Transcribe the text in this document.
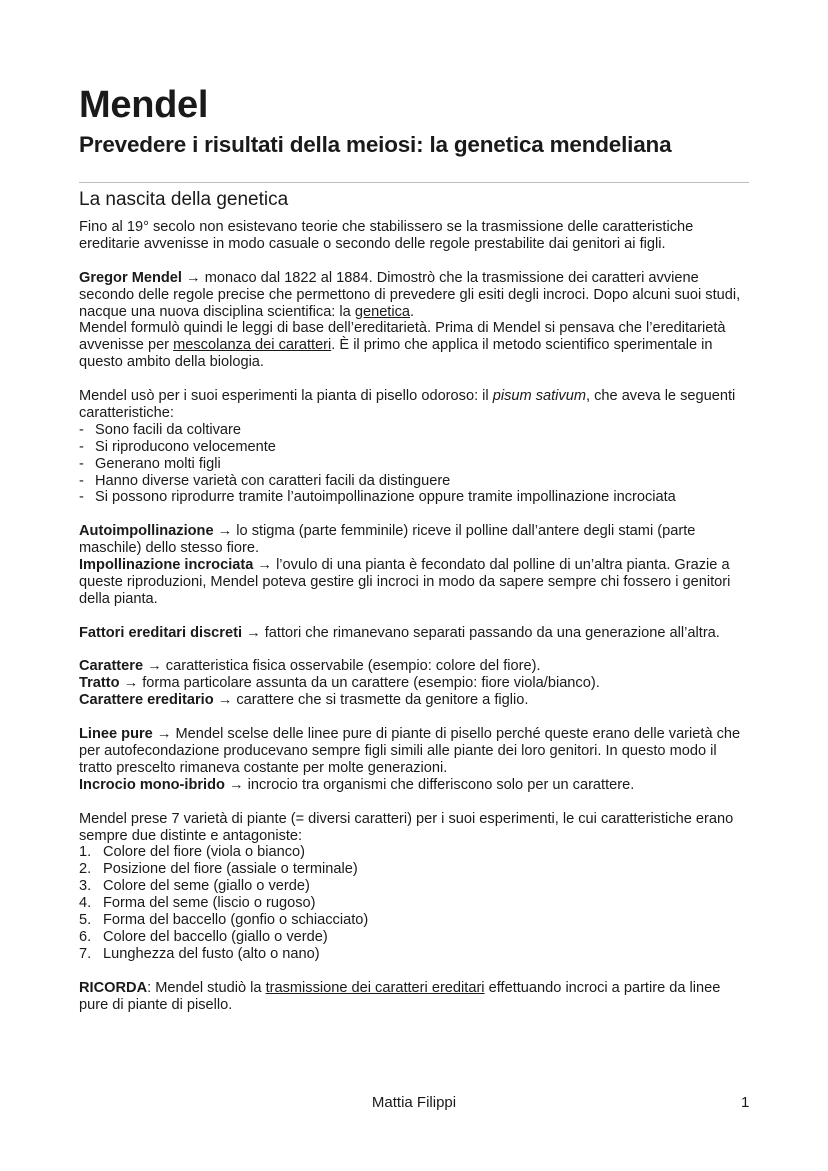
Mendel
Prevedere i risultati della meiosi: la genetica mendeliana
La nascita della genetica

Fino al 19° secolo non esistevano teorie che stabilissero se la trasmissione delle caratteristiche ereditarie avvenisse in modo casuale o secondo delle regole prestabilite dai genitori ai figli.

Gregor Mendel → monaco dal 1822 al 1884. Dimostrò che la trasmissione dei caratteri avviene secondo delle regole precise che permettono di prevedere gli esiti degli incroci. Dopo alcuni suoi studi, nacque una nuova disciplina scientifica: la genetica.

Mendel formulò quindi le leggi di base dell’ereditarietà. Prima di Mendel si pensava che l’ereditarietà avvenisse per mescolanza dei caratteri. È il primo che applica il metodo scientifico sperimentale in questo ambito della biologia.

Mendel usò per i suoi esperimenti la pianta di pisello odoroso: il pisum sativum, che aveva le seguenti caratteristiche:

- Sono facili da coltivare
- Si riproducono velocemente
- Generano molti figli
- Hanno diverse varietà con caratteri facili da distinguere
- Si possono riprodurre tramite l’autoimpollinazione oppure tramite impollinazione incrociata

Autoimpollinazione → lo stigma (parte femminile) riceve il polline dall’antere degli stami (parte maschile) dello stesso fiore.

Impollinazione incrociata → l’ovulo di una pianta è fecondato dal polline di un’altra pianta. Grazie a queste riproduzioni, Mendel poteva gestire gli incroci in modo da sapere sempre chi fossero i genitori della pianta.

Fattori ereditari discreti → fattori che rimanevano separati passando da una generazione all’altra.

Carattere → caratteristica fisica osservabile (esempio: colore del fiore).

Tratto → forma particolare assunta da un carattere (esempio: fiore viola/bianco).

Carattere ereditario → carattere che si trasmette da genitore a figlio.

Linee pure → Mendel scelse delle linee pure di piante di pisello perché queste erano delle varietà che per autofecondazione producevano sempre figli simili alle piante dei loro genitori. In questo modo il tratto prescelto rimaneva costante per molte generazioni.

Incrocio mono-ibrido → incrocio tra organismi che differiscono solo per un carattere.

Mendel prese 7 varietà di piante (= diversi caratteri) per i suoi esperimenti, le cui caratteristiche erano sempre due distinte e antagoniste:

1. Colore del fiore (viola o bianco)
2. Posizione del fiore (assiale o terminale)
3. Colore del seme (giallo o verde)
4. Forma del seme (liscio o rugoso)
5. Forma del baccello (gonfio o schiacciato)
6. Colore del baccello (giallo o verde)
7. Lunghezza del fusto (alto o nano)

RICORDA: Mendel studiò la trasmissione dei caratteri ereditari effettuando incroci a partire da linee pure di piante di pisello.

Mattia Filippi	1
